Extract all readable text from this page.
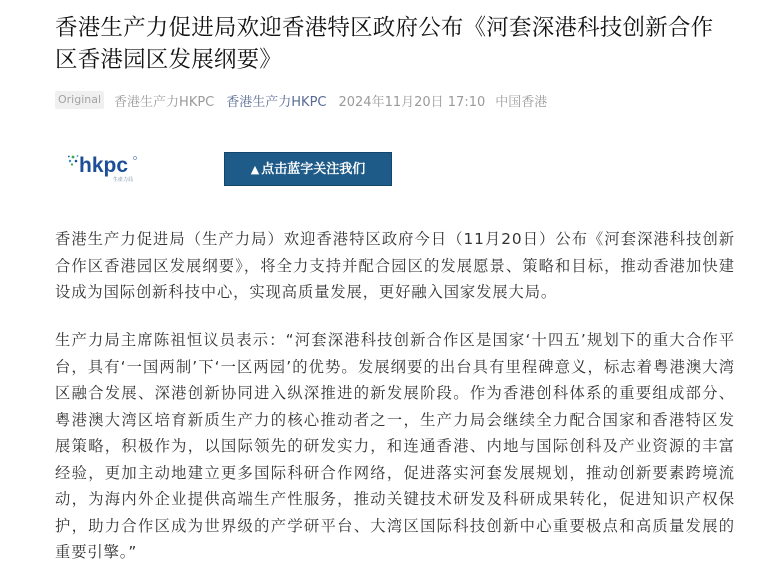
香港生产力促进局欢迎香港特区政府公布《河套深港科技创新合作区香港园区发展纲要》
Original 香港生产力HKPC 香港生产力HKPC 2024年11月20日 17:10 中国香港
hkpc
生產力局
▲ 点击蓝字关注我们

香港生产力促进局（生产力局）欢迎香港特区政府今日（11月20日）公布《河套深港科技创新合作区香港园区发展纲要》，将全力支持并配合园区的发展愿景、策略和目标，推动香港加快建设成为国际创新科技中心，实现高质量发展，更好融入国家发展大局。

生产力局主席陈祖恒议员表示：“河套深港科技创新合作区是国家‘十四五’规划下的重大合作平台，具有‘一国两制’下‘一区两园’的优势。发展纲要的出台具有里程碑意义，标志着粤港澳大湾区融合发展、深港创新协同进入纵深推进的新发展阶段。作为香港创科体系的重要组成部分、粤港澳大湾区培育新质生产力的核心推动者之一，生产力局会继续全力配合国家和香港特区发展策略，积极作为，以国际领先的研发实力，和连通香港、内地与国际创科及产业资源的丰富经验，更加主动地建立更多国际科研合作网络，促进落实河套发展规划，推动创新要素跨境流动，为海内外企业提供高端生产性服务，推动关键技术研发及科研成果转化，促进知识产权保护，助力合作区成为世界级的产学研平台、大湾区国际科技创新中心重要极点和高质量发展的重要引擎。”
